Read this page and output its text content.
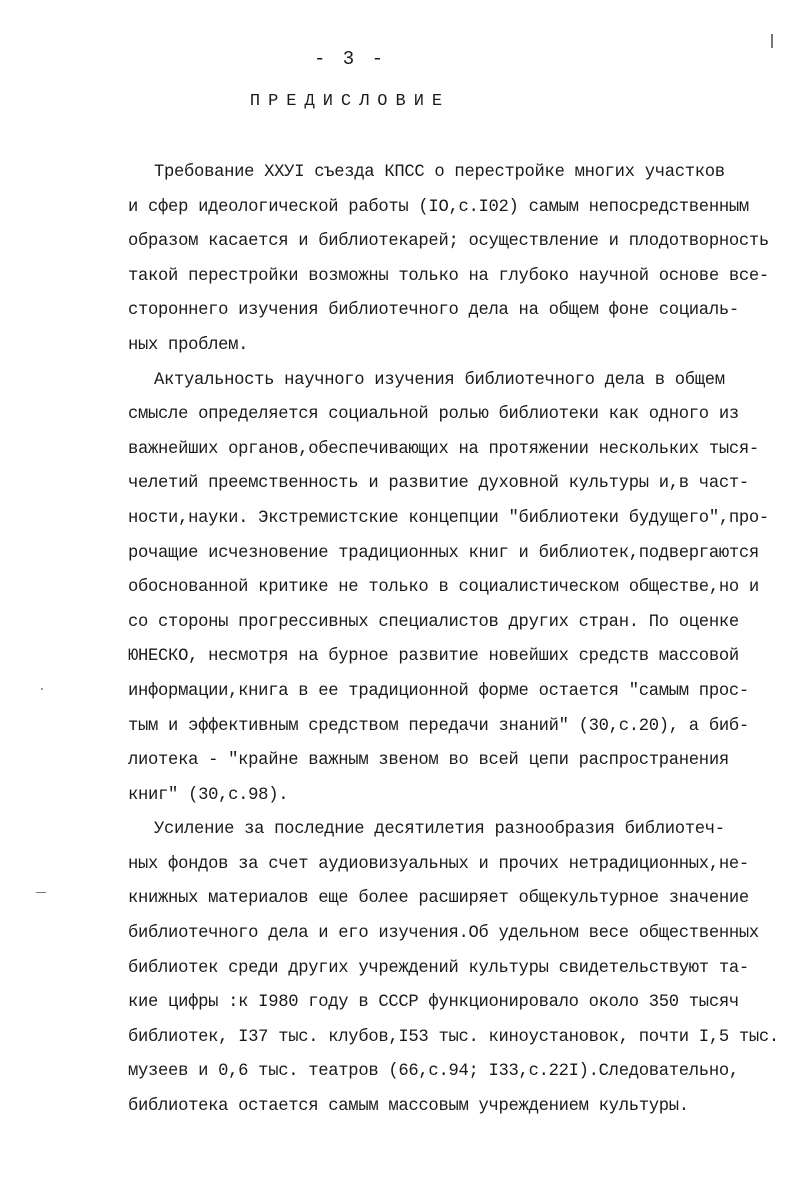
- 3 -
ПРЕДИСЛОВИЕ
Требование ХХУI съезда КПСС о перестройке многих участков
и сфер идеологической работы (IO,с.I02) самым непосредственным
образом касается и библиотекарей; осуществление и плодотворность
такой перестройки возможны только на глубоко научной основе все-
стороннего изучения библиотечного дела на общем фоне социаль-
ных проблем.
Актуальность научного изучения библиотечного дела в общем
смысле определяется социальной ролью библиотеки как одного из
важнейших органов,обеспечивающих на протяжении нескольких тыся-
челетий преемственность и развитие духовной культуры и,в част-
ности,науки. Экстремистские концепции "библиотеки будущего",про-
рочащие исчезновение традиционных книг и библиотек,подвергаются
обоснованной критике не только в социалистическом обществе,но и
со стороны прогрессивных специалистов других стран. По оценке
ЮНЕСКО, несмотря на бурное развитие новейших средств массовой
информации,книга в ее традиционной форме остается "самым прос-
тым и эффективным средством передачи знаний" (30,с.20), а биб-
лиотека - "крайне важным звеном во всей цепи распространения
книг" (30,с.98).
Усиление за последние десятилетия разнообразия библиотеч-
ных фондов за счет аудиовизуальных и прочих нетрадиционных,не-
книжных материалов еще более расширяет общекультурное значение
библиотечного дела и его изучения.Об удельном весе общественных
библиотек среди других учреждений культуры свидетельствуют та-
кие цифры :к I980 году в СССР функционировало около 350 тысяч
библиотек, I37 тыс. клубов,I53 тыс. киноустановок, почти I,5 тыс.
музеев и 0,6 тыс. театров (66,с.94; I33,с.22I).Следовательно,
библиотека остается самым массовым учреждением культуры.
